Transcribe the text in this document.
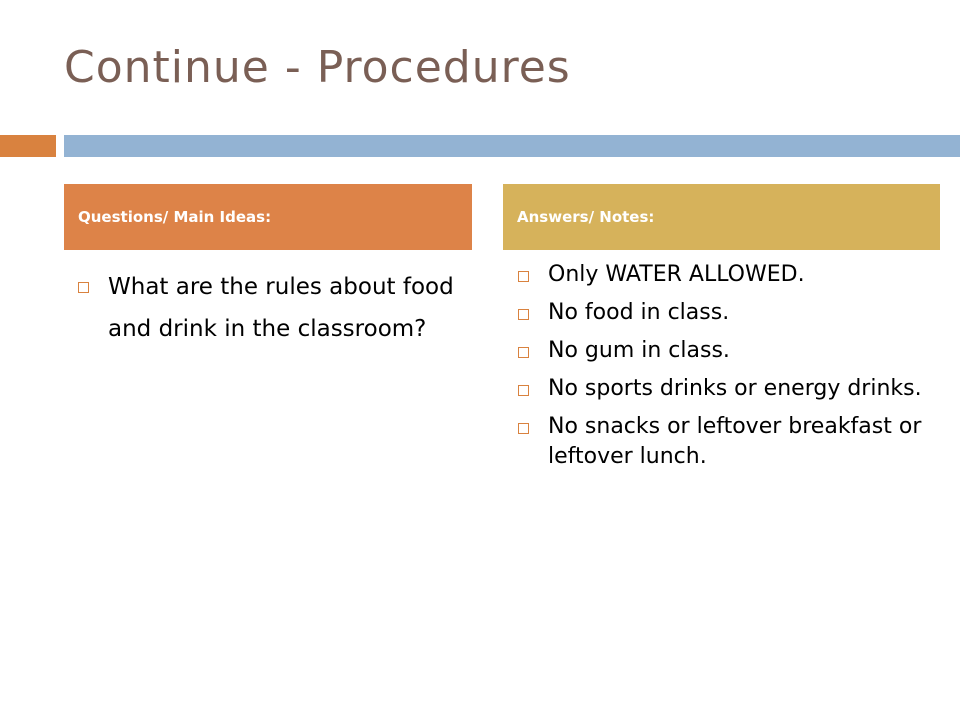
Continue - Procedures
Questions/ Main Ideas:	Answers/ Notes:
What are the rules about food and drink in the classroom?
Only WATER ALLOWED.
No food in class.
No gum in class.
No sports drinks or energy drinks.
No snacks or leftover breakfast or leftover lunch.
